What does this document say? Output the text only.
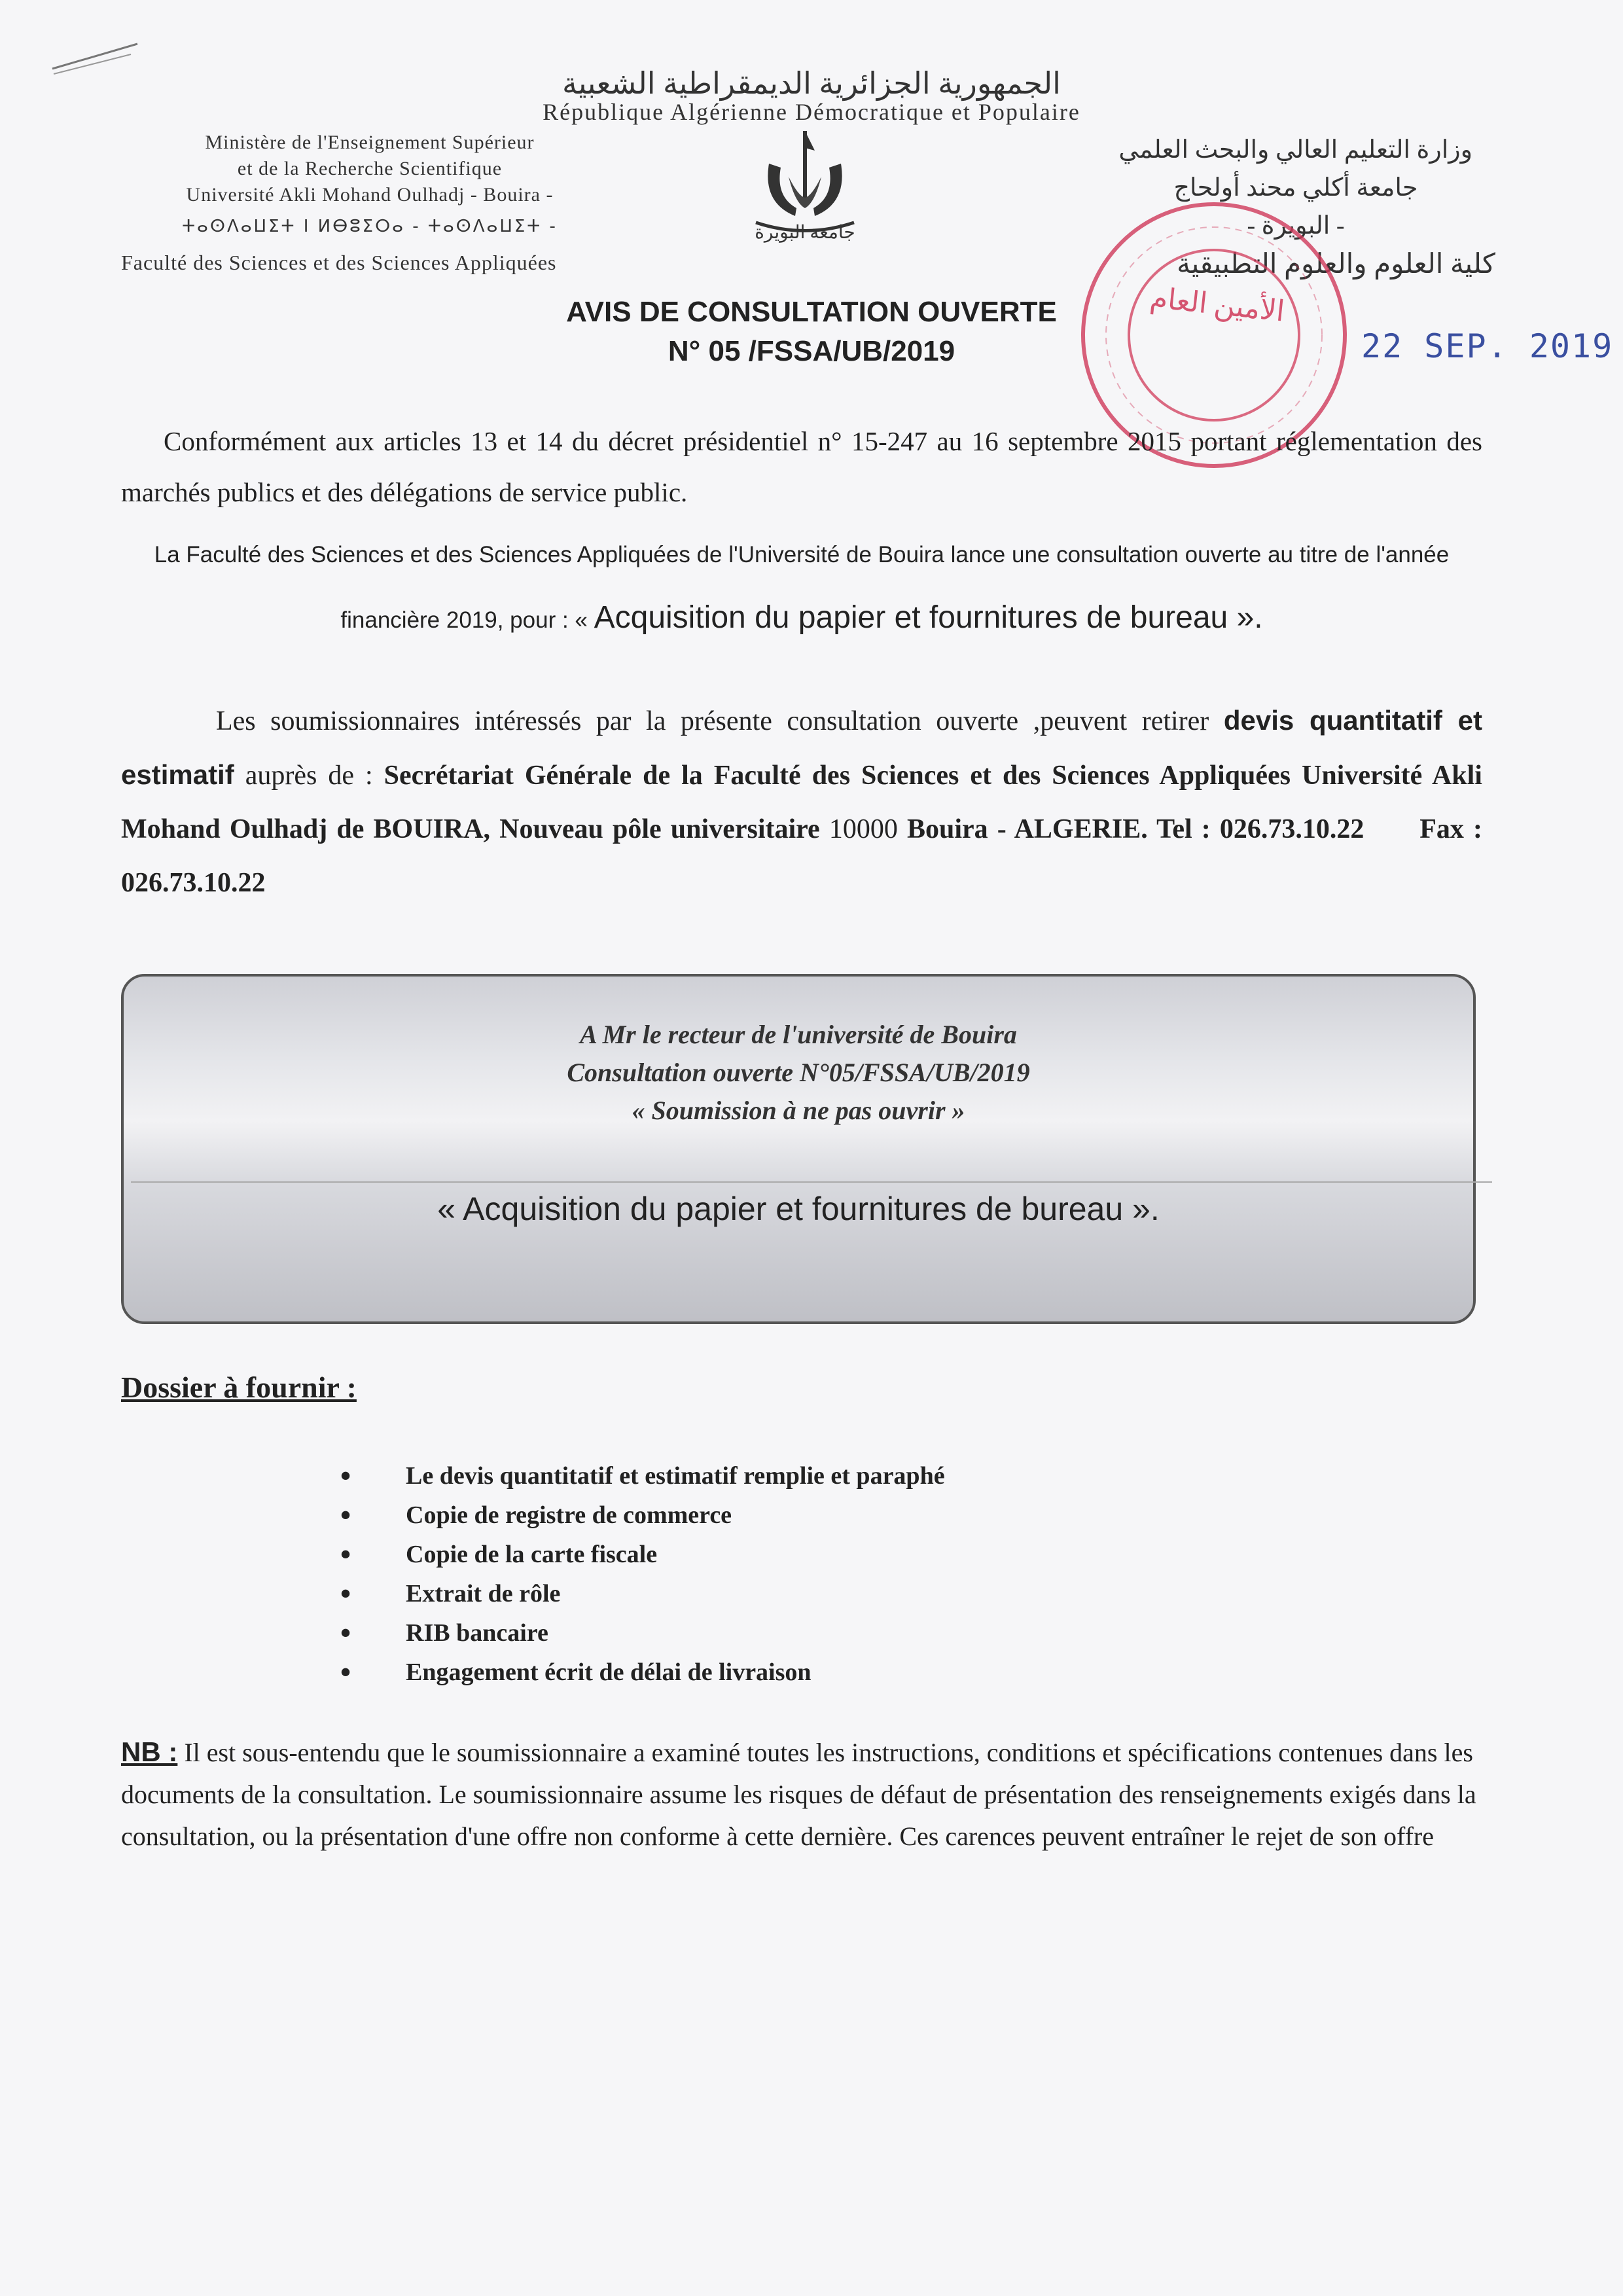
الجمهورية الجزائرية الديمقراطية الشعبية
République Algérienne Démocratique et Populaire
Ministère de l'Enseignement Supérieur
et de la Recherche Scientifique
Université Akli Mohand Oulhadj - Bouira -
ⵜⴰⵙⴷⴰⵡⵉⵜ ⵏ ⵍⴱⵓⵉⵔⴰ - ⵜⴰⵙⴷⴰⵡⵉⵜ -
Faculté des Sciences et des Sciences Appliquées
وزارة التعليم العالي والبحث العلمي
جامعة أكلي محند أولحاج
- البويرة -
كلية العلوم والعلوم التطبيقية
جامعة البويرة
الأمين العام
22 SEP. 2019
AVIS DE CONSULTATION OUVERTE
N° 05 /FSSA/UB/2019
Conformément aux articles 13 et 14 du décret présidentiel n° 15-247 au 16 septembre 2015 portant réglementation des marchés publics et des délégations de service public.
La Faculté des Sciences et des Sciences Appliquées de l'Université de Bouira lance une consultation ouverte au titre de l'année financière 2019, pour : « Acquisition du papier et fournitures de bureau ».
Les soumissionnaires intéressés par la présente consultation ouverte ,peuvent retirer devis quantitatif et estimatif auprès de : Secrétariat Générale de la Faculté des Sciences et des Sciences Appliquées Université Akli Mohand Oulhadj de BOUIRA, Nouveau pôle universitaire 10000 Bouira - ALGERIE. Tel : 026.73.10.22 Fax : 026.73.10.22
A Mr le recteur de l'université de Bouira
Consultation ouverte N°05/FSSA/UB/2019
« Soumission à ne pas ouvrir »
« Acquisition du papier et fournitures de bureau ».
Dossier à fournir :
• Le devis quantitatif et estimatif remplie et paraphé
• Copie de registre de commerce
• Copie de la carte fiscale
• Extrait de rôle
• RIB bancaire
• Engagement écrit de délai de livraison
NB : Il est sous-entendu que le soumissionnaire a examiné toutes les instructions, conditions et spécifications contenues dans les documents de la consultation. Le soumissionnaire assume les risques de défaut de présentation des renseignements exigés dans la consultation, ou la présentation d'une offre non conforme à cette dernière. Ces carences peuvent entraîner le rejet de son offre
